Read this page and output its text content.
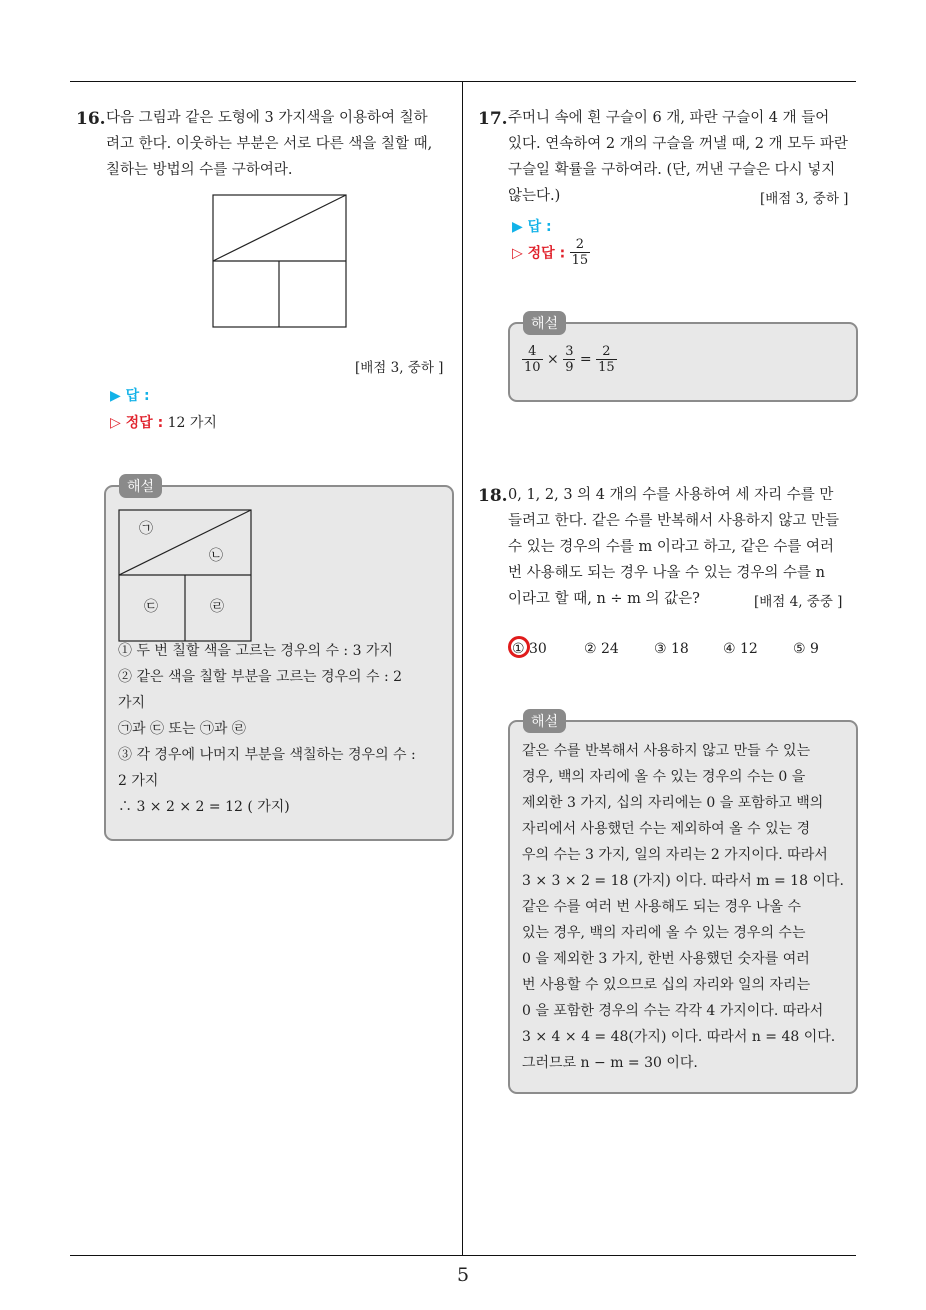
5
16. 다음 그림과 같은 도형에 3 가지색을 이용하여 칠하
려고 한다. 이웃하는 부분은 서로 다른 색을 칠할 때,
칠하는 방법의 수를 구하여라.
[배점 3, 중하 ]
▶ 답 :
▷ 정답 : 12 가지
해설
㉠
㉡
㉢	㉣
① 두 번 칠할 색을 고르는 경우의 수 : 3 가지
② 같은 색을 칠할 부분을 고르는 경우의 수 : 2
가지
㉠과 ㉢ 또는 ㉠과 ㉣
③ 각 경우에 나머지 부분을 색칠하는 경우의 수 :
2 가지
∴ 3 × 2 × 2 = 12 ( 가지)
17. 주머니 속에 흰 구슬이 6 개, 파란 구슬이 4 개 들어
있다. 연속하여 2 개의 구슬을 꺼낼 때, 2 개 모두 파란
구슬일 확률을 구하여라. (단, 꺼낸 구슬은 다시 넣지
않는다.)	[배점 3, 중하 ]
▶ 답 :
▷ 정답 : $\frac{2}{15}$
해설
$\frac{4}{10} \times \frac{3}{9} = \frac{2}{15}$
18. 0, 1, 2, 3 의 4 개의 수를 사용하여 세 자리 수를 만
들려고 한다. 같은 수를 반복해서 사용하지 않고 만들
수 있는 경우의 수를 m 이라고 하고, 같은 수를 여러
번 사용해도 되는 경우 나올 수 있는 경우의 수를 n
이라고 할 때, n ÷ m 의 값은?	[배점 4, 중중 ]
① 30	② 24	③ 18 ④ 12	⑤ 9
해설
같은 수를 반복해서 사용하지 않고 만들 수 있는
경우, 백의 자리에 올 수 있는 경우의 수는 0 을
제외한 3 가지, 십의 자리에는 0 을 포함하고 백의
자리에서 사용했던 수는 제외하여 올 수 있는 경
우의 수는 3 가지, 일의 자리는 2 가지이다. 따라서
3 × 3 × 2 = 18 (가지) 이다. 따라서 m = 18 이다.
같은 수를 여러 번 사용해도 되는 경우 나올 수
있는 경우, 백의 자리에 올 수 있는 경우의 수는
0 을 제외한 3 가지, 한번 사용했던 숫자를 여러
번 사용할 수 있으므로 십의 자리와 일의 자리는
0 을 포함한 경우의 수는 각각 4 가지이다. 따라서
3 × 4 × 4 = 48(가지) 이다. 따라서 n = 48 이다.
그러므로 n − m = 30 이다.
